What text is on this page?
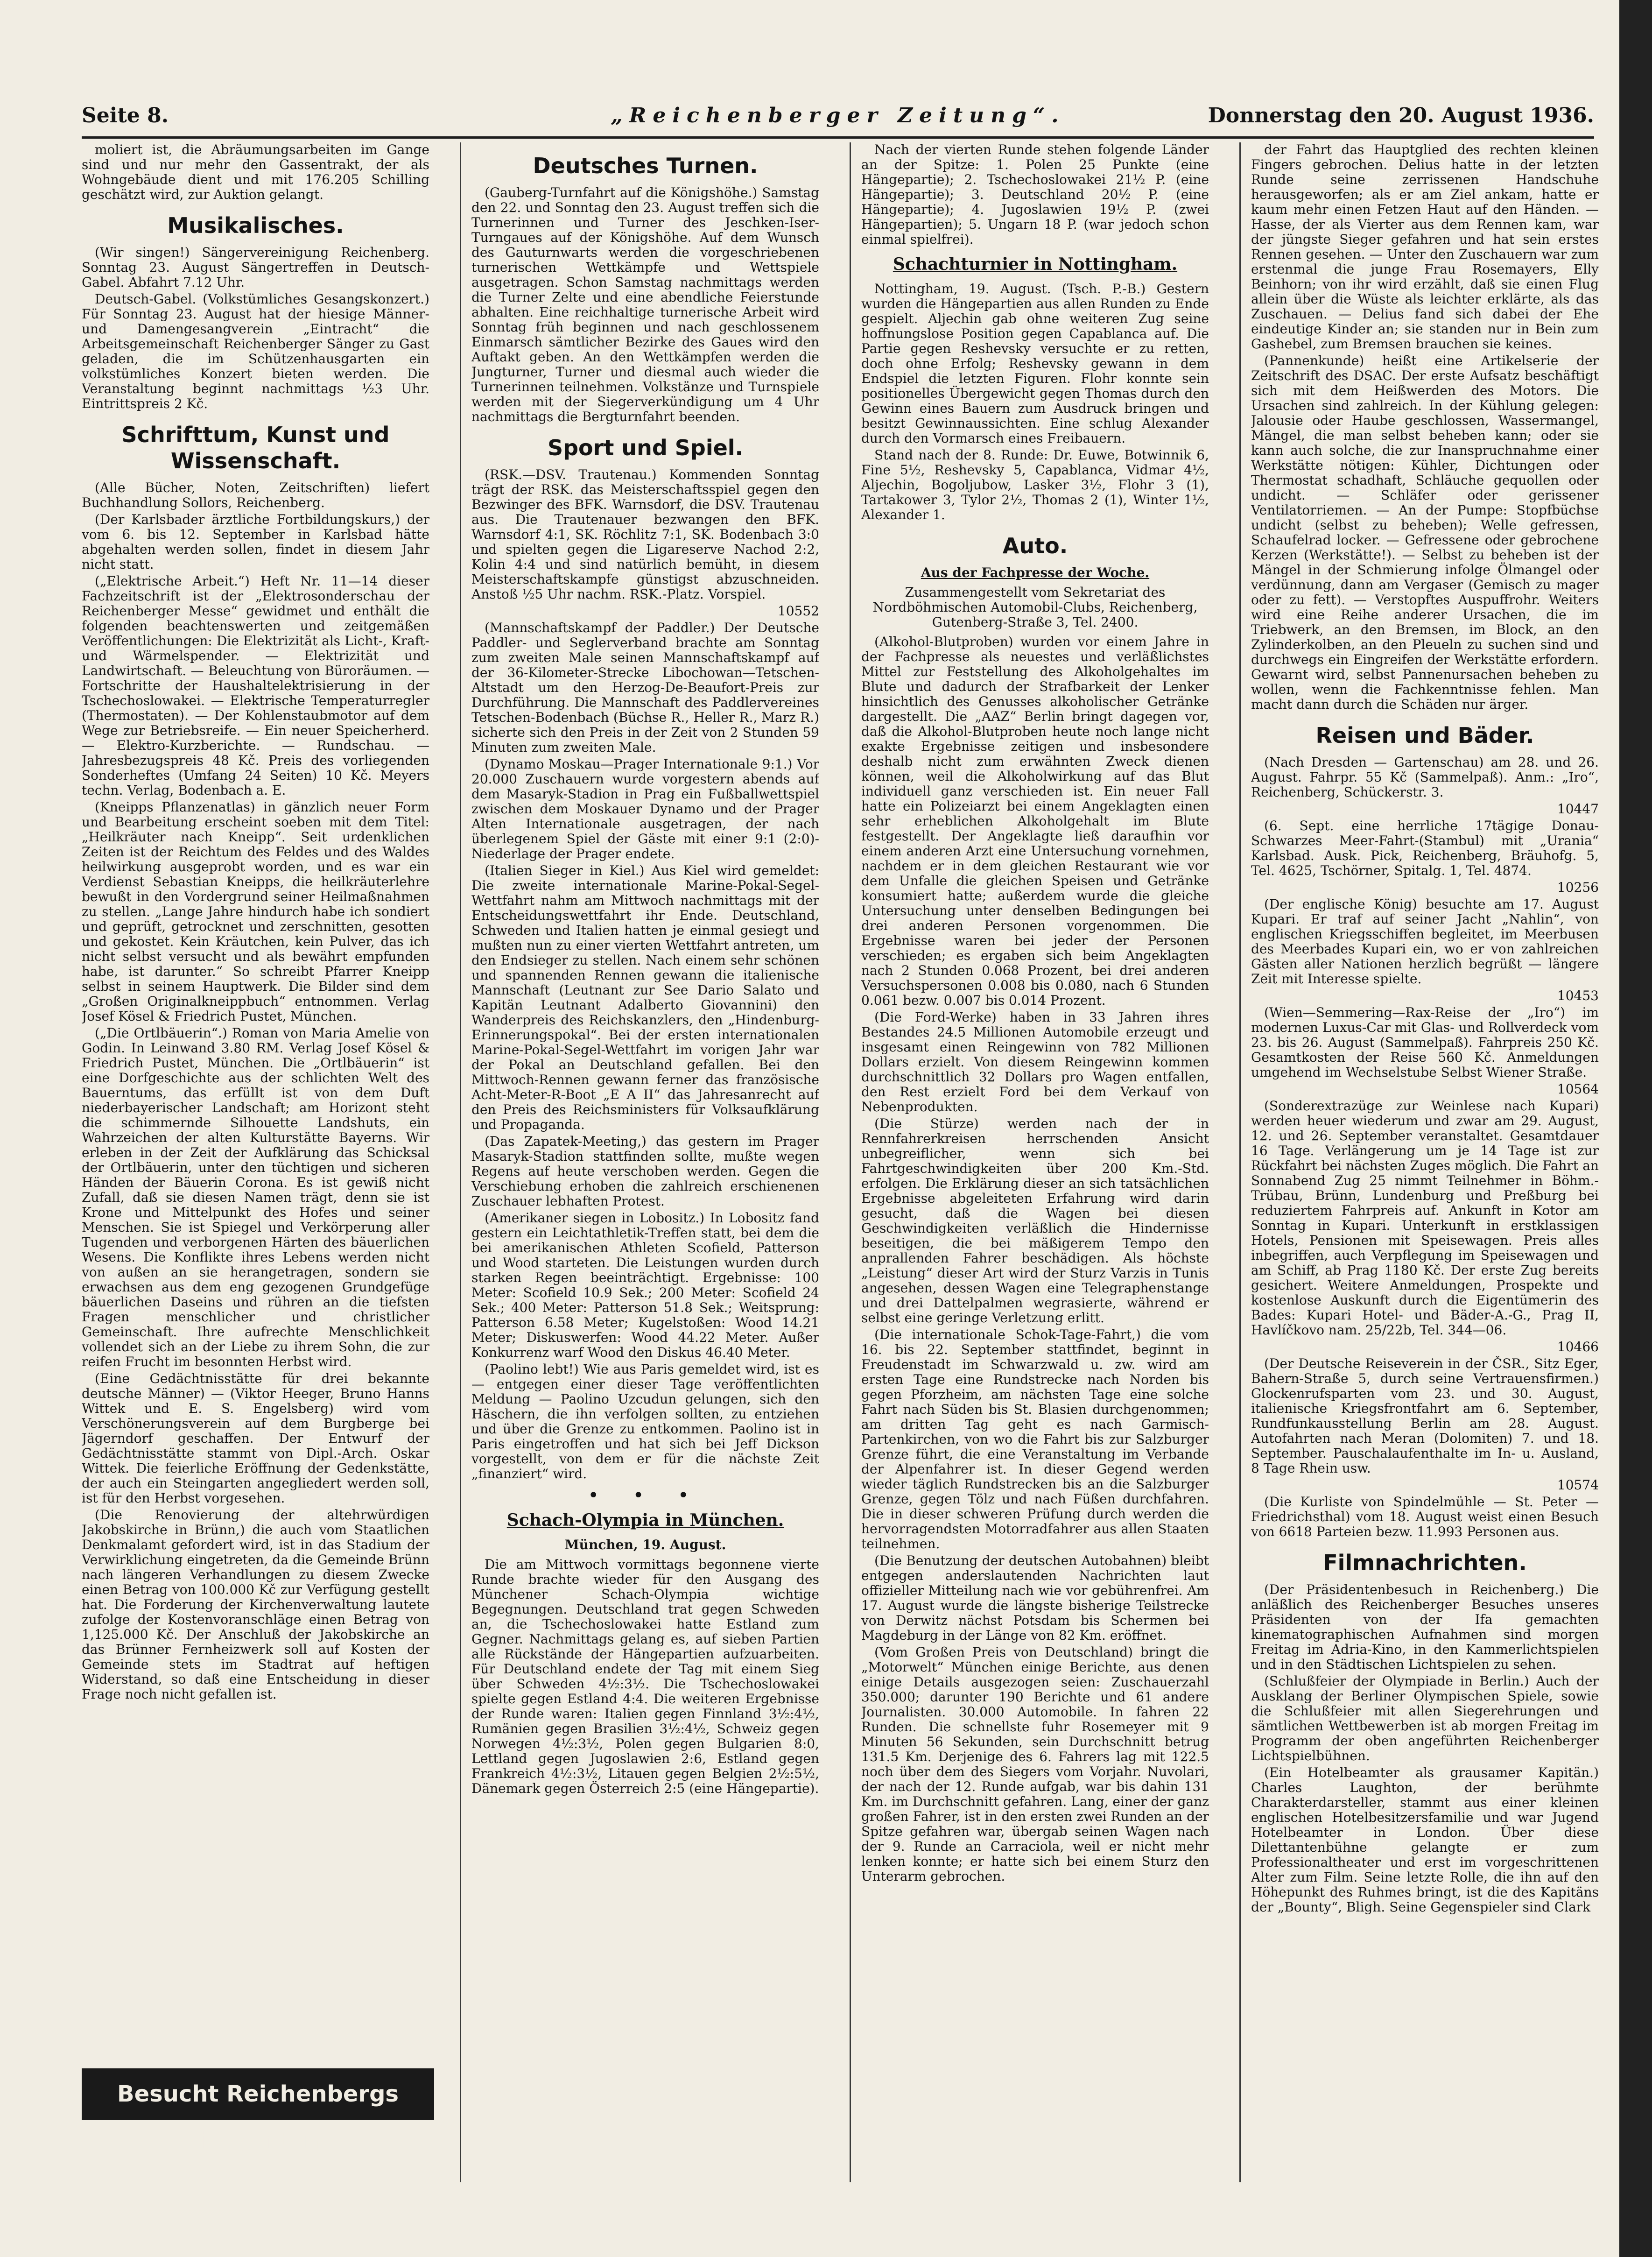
Seite 8.	„Reichenberger Zeitung“.	Donnerstag den 20. August 1936.

moliert ist, die Abräumungsarbeiten im Gange sind und nur mehr den Gassentrakt, der als Wohngebäude dient und mit 176.205 Schilling geschätzt wird, zur Auktion gelangt.

Musikalisches.

(Wir singen!) Sängervereinigung Reichenberg. Sonntag 23. August Sängertreffen in Deutsch-Gabel. Abfahrt 7.12 Uhr.

Deutsch-Gabel. (Volkstümliches Gesangskonzert.) Für Sonntag 23. August hat der hiesige Männer- und Damengesangverein „Eintracht“ die Arbeitsgemeinschaft Reichenberger Sänger zu Gast geladen, die im Schützenhausgarten ein volkstümliches Konzert bieten werden. Die Veranstaltung beginnt nachmittags ½3 Uhr. Eintrittspreis 2 Kč.

Schrifttum, Kunst und Wissenschaft.

(Alle Bücher, Noten, Zeitschriften) liefert Buchhandlung Sollors, Reichenberg.

(Der Karlsbader ärztliche Fortbildungskurs,) der vom 6. bis 12. September in Karlsbad hätte abgehalten werden sollen, findet in diesem Jahr nicht statt.

(„Elektrische Arbeit.“) Heft Nr. 11—14 dieser Fachzeitschrift ist der „Elektrosonderschau der Reichenberger Messe“ gewidmet und enthält die folgenden beachtenswerten und zeitgemäßen Veröffentlichungen: Die Elektrizität als Licht-, Kraft- und Wärmelspender. — Elektrizität und Landwirtschaft. — Beleuchtung von Büroräumen. — Fortschritte der Haushaltelektrisierung in der Tschechoslowakei. — Elektrische Temperaturregler (Thermostaten). — Der Kohlenstaubmotor auf dem Wege zur Betriebsreife. — Ein neuer Speicherherd. — Elektro-Kurzberichte. — Rundschau. — Jahresbezugspreis 48 Kč. Preis des vorliegenden Sonderheftes (Umfang 24 Seiten) 10 Kč. Meyers techn. Verlag, Bodenbach a. E.

(Kneipps Pflanzenatlas) in gänzlich neuer Form und Bearbeitung erscheint soeben mit dem Titel: „Heilkräuter nach Kneipp“. Seit urdenklichen Zeiten ist der Reichtum des Feldes und des Waldes heilwirkung ausgeprobt worden, und es war ein Verdienst Sebastian Kneipps, die heilkräuterlehre bewußt in den Vordergrund seiner Heilmaßnahmen zu stellen. „Lange Jahre hindurch habe ich sondiert und geprüft, getrocknet und zerschnitten, gesotten und gekostet. Kein Kräutchen, kein Pulver, das ich nicht selbst versucht und als bewährt empfunden habe, ist darunter.“ So schreibt Pfarrer Kneipp selbst in seinem Hauptwerk. Die Bilder sind dem „Großen Originalkneippbuch“ entnommen. Verlag Josef Kösel & Friedrich Pustet, München.

(„Die Ortlbäuerin“.) Roman von Maria Amelie von Godin. In Leinwand 3.80 RM. Verlag Josef Kösel & Friedrich Pustet, München. Die „Ortlbäuerin“ ist eine Dorfgeschichte aus der schlichten Welt des Bauerntums, das erfüllt ist von dem Duft niederbayerischer Landschaft; am Horizont steht die schimmernde Silhouette Landshuts, ein Wahrzeichen der alten Kulturstätte Bayerns. Wir erleben in der Zeit der Aufklärung das Schicksal der Ortlbäuerin, unter den tüchtigen und sicheren Händen der Bäuerin Corona. Es ist gewiß nicht Zufall, daß sie diesen Namen trägt, denn sie ist Krone und Mittelpunkt des Hofes und seiner Menschen. Sie ist Spiegel und Verkörperung aller Tugenden und verborgenen Härten des bäuerlichen Wesens. Die Konflikte ihres Lebens werden nicht von außen an sie herangetragen, sondern sie erwachsen aus dem eng gezogenen Grundgefüge bäuerlichen Daseins und rühren an die tiefsten Fragen menschlicher und christlicher Gemeinschaft. Ihre aufrechte Menschlichkeit vollendet sich an der Liebe zu ihrem Sohn, die zur reifen Frucht im besonnten Herbst wird.

(Eine Gedächtnisstätte für drei bekannte deutsche Männer) — (Viktor Heeger, Bruno Hanns Wittek und E. S. Engelsberg) wird vom Verschönerungsverein auf dem Burgberge bei Jägerndorf geschaffen. Der Entwurf der Gedächtnisstätte stammt von Dipl.-Arch. Oskar Wittek. Die feierliche Eröffnung der Gedenkstätte, der auch ein Steingarten angegliedert werden soll, ist für den Herbst vorgesehen.

(Die Renovierung der altehrwürdigen Jakobskirche in Brünn,) die auch vom Staatlichen Denkmalamt gefordert wird, ist in das Stadium der Verwirklichung eingetreten, da die Gemeinde Brünn nach längeren Verhandlungen zu diesem Zwecke einen Betrag von 100.000 Kč zur Verfügung gestellt hat. Die Forderung der Kirchenverwaltung lautete zufolge der Kostenvoranschläge einen Betrag von 1,125.000 Kč. Der Anschluß der Jakobskirche an das Brünner Fernheizwerk soll auf Kosten der Gemeinde stets im Stadtrat auf heftigen Widerstand, so daß eine Entscheidung in dieser Frage noch nicht gefallen ist.

Besucht Reichenbergs Tiergarten!
Deutsches Turnen.

(Gauberg-Turnfahrt auf die Königshöhe.) Samstag den 22. und Sonntag den 23. August treffen sich die Turnerinnen und Turner des Jeschken-Iser-Turngaues auf der Königshöhe. Auf dem Wunsch des Gauturnwarts werden die vorgeschriebenen turnerischen Wettkämpfe und Wettspiele ausgetragen. Schon Samstag nachmittags werden die Turner Zelte und eine abendliche Feierstunde abhalten. Eine reichhaltige turnerische Arbeit wird Sonntag früh beginnen und nach geschlossenem Einmarsch sämtlicher Bezirke des Gaues wird den Auftakt geben. An den Wettkämpfen werden die Jungturner, Turner und diesmal auch wieder die Turnerinnen teilnehmen. Volkstänze und Turnspiele werden mit der Siegerverkündigung um 4 Uhr nachmittags die Bergturnfahrt beenden.

Sport und Spiel.

(RSK.—DSV. Trautenau.) Kommenden Sonntag trägt der RSK. das Meisterschaftsspiel gegen den Bezwinger des BFK. Warnsdorf, die DSV. Trautenau aus. Die Trautenauer bezwangen den BFK. Warnsdorf 4:1, SK. Röchlitz 7:1, SK. Bodenbach 3:0 und spielten gegen die Ligareserve Nachod 2:2, Kolin 4:4 und sind natürlich bemüht, in diesem Meisterschaftskampfe günstigst abzuschneiden. Anstoß ½5 Uhr nachm. RSK.-Platz. Vorspiel.

10552

(Mannschaftskampf der Paddler.) Der Deutsche Paddler- und Seglerverband brachte am Sonntag zum zweiten Male seinen Mannschaftskampf auf der 36-Kilometer-Strecke Libochowan—Tetschen-Altstadt um den Herzog-De-Beaufort-Preis zur Durchführung. Die Mannschaft des Paddlervereines Tetschen-Bodenbach (Büchse R., Heller R., Marz R.) sicherte sich den Preis in der Zeit von 2 Stunden 59 Minuten zum zweiten Male.

(Dynamo Moskau—Prager Internationale 9:1.) Vor 20.000 Zuschauern wurde vorgestern abends auf dem Masaryk-Stadion in Prag ein Fußballwettspiel zwischen dem Moskauer Dynamo und der Prager Alten Internationale ausgetragen, der nach überlegenem Spiel der Gäste mit einer 9:1 (2:0)-Niederlage der Prager endete.

(Italien Sieger in Kiel.) Aus Kiel wird gemeldet: Die zweite internationale Marine-Pokal-Segel-Wettfahrt nahm am Mittwoch nachmittags mit der Entscheidungswettfahrt ihr Ende. Deutschland, Schweden und Italien hatten je einmal gesiegt und mußten nun zu einer vierten Wettfahrt antreten, um den Endsieger zu stellen. Nach einem sehr schönen und spannenden Rennen gewann die italienische Mannschaft (Leutnant zur See Dario Salato und Kapitän Leutnant Adalberto Giovannini) den Wanderpreis des Reichskanzlers, den „Hindenburg-Erinnerungspokal“. Bei der ersten internationalen Marine-Pokal-Segel-Wettfahrt im vorigen Jahr war der Pokal an Deutschland gefallen. Bei den Mittwoch-Rennen gewann ferner das französische Acht-Meter-R-Boot „E A II“ das Jahresanrecht auf den Preis des Reichsministers für Volksaufklärung und Propaganda.

(Das Zapatek-Meeting,) das gestern im Prager Masaryk-Stadion stattfinden sollte, mußte wegen Regens auf heute verschoben werden. Gegen die Verschiebung erhoben die zahlreich erschienenen Zuschauer lebhaften Protest.

(Amerikaner siegen in Lobositz.) In Lobositz fand gestern ein Leichtathletik-Treffen statt, bei dem die bei amerikanischen Athleten Scofield, Patterson und Wood starteten. Die Leistungen wurden durch starken Regen beeinträchtigt. Ergebnisse: 100 Meter: Scofield 10.9 Sek.; 200 Meter: Scofield 24 Sek.; 400 Meter: Patterson 51.8 Sek.; Weitsprung: Patterson 6.58 Meter; Kugelstoßen: Wood 14.21 Meter; Diskuswerfen: Wood 44.22 Meter. Außer Konkurrenz warf Wood den Diskus 46.40 Meter.

(Paolino lebt!) Wie aus Paris gemeldet wird, ist es — entgegen einer dieser Tage veröffentlichten Meldung — Paolino Uzcudun gelungen, sich den Häschern, die ihn verfolgen sollten, zu entziehen und über die Grenze zu entkommen. Paolino ist in Paris eingetroffen und hat sich bei Jeff Dickson vorgestellt, von dem er für die nächste Zeit „finanziert“ wird.

• • •
Schach-Olympia in München.
München, 19. August.

Die am Mittwoch vormittags begonnene vierte Runde brachte wieder für den Ausgang des Münchener Schach-Olympia wichtige Begegnungen. Deutschland trat gegen Schweden an, die Tschechoslowakei hatte Estland zum Gegner. Nachmittags gelang es, auf sieben Partien alle Rückstände der Hängepartien aufzuarbeiten. Für Deutschland endete der Tag mit einem Sieg über Schweden 4½:3½. Die Tschechoslowakei spielte gegen Estland 4:4. Die weiteren Ergebnisse der Runde waren: Italien gegen Finnland 3½:4½, Rumänien gegen Brasilien 3½:4½, Schweiz gegen Norwegen 4½:3½, Polen gegen Bulgarien 8:0, Lettland gegen Jugoslawien 2:6, Estland gegen Frankreich 4½:3½, Litauen gegen Belgien 2½:5½, Dänemark gegen Österreich 2:5 (eine Hängepartie).

Nach der vierten Runde stehen folgende Länder an der Spitze: 1. Polen 25 Punkte (eine Hängepartie); 2. Tschechoslowakei 21½ P. (eine Hängepartie); 3. Deutschland 20½ P. (eine Hängepartie); 4. Jugoslawien 19½ P. (zwei Hängepartien); 5. Ungarn 18 P. (war jedoch schon einmal spielfrei).

Schachturnier in Nottingham.

Nottingham, 19. August. (Tsch. P.-B.) Gestern wurden die Hängepartien aus allen Runden zu Ende gespielt. Aljechin gab ohne weiteren Zug seine hoffnungslose Position gegen Capablanca auf. Die Partie gegen Reshevsky versuchte er zu retten, doch ohne Erfolg; Reshevsky gewann in dem Endspiel die letzten Figuren. Flohr konnte sein positionelles Übergewicht gegen Thomas durch den Gewinn eines Bauern zum Ausdruck bringen und besitzt Gewinnaussichten. Eine schlug Alexander durch den Vormarsch eines Freibauern.

Stand nach der 8. Runde: Dr. Euwe, Botwinnik 6, Fine 5½, Reshevsky 5, Capablanca, Vidmar 4½, Aljechin, Bogoljubow, Lasker 3½, Flohr 3 (1), Tartakower 3, Tylor 2½, Thomas 2 (1), Winter 1½, Alexander 1.

Auto.
Aus der Fachpresse der Woche.
Zusammengestellt vom Sekretariat des Nordböhmischen Automobil-Clubs, Reichenberg, Gutenberg-Straße 3, Tel. 2400.

(Alkohol-Blutproben) wurden vor einem Jahre in der Fachpresse als neuestes und verläßlichstes Mittel zur Feststellung des Alkoholgehaltes im Blute und dadurch der Strafbarkeit der Lenker hinsichtlich des Genusses alkoholischer Getränke dargestellt. Die „AAZ“ Berlin bringt dagegen vor, daß die Alkohol-Blutproben heute noch lange nicht exakte Ergebnisse zeitigen und insbesondere deshalb nicht zum erwähnten Zweck dienen können, weil die Alkoholwirkung auf das Blut individuell ganz verschieden ist. Ein neuer Fall hatte ein Polizeiarzt bei einem Angeklagten einen sehr erheblichen Alkoholgehalt im Blute festgestellt. Der Angeklagte ließ daraufhin vor einem anderen Arzt eine Untersuchung vornehmen, nachdem er in dem gleichen Restaurant wie vor dem Unfalle die gleichen Speisen und Getränke konsumiert hatte; außerdem wurde die gleiche Untersuchung unter denselben Bedingungen bei drei anderen Personen vorgenommen. Die Ergebnisse waren bei jeder der Personen verschieden; es ergaben sich beim Angeklagten nach 2 Stunden 0.068 Prozent, bei drei anderen Versuchspersonen 0.008 bis 0.080, nach 6 Stunden 0.061 bezw. 0.007 bis 0.014 Prozent.

(Die Ford-Werke) haben in 33 Jahren ihres Bestandes 24.5 Millionen Automobile erzeugt und insgesamt einen Reingewinn von 782 Millionen Dollars erzielt. Von diesem Reingewinn kommen durchschnittlich 32 Dollars pro Wagen entfallen, den Rest erzielt Ford bei dem Verkauf von Nebenprodukten.

(Die Stürze) werden nach der in Rennfahrerkreisen herrschenden Ansicht unbegreiflicher, wenn sich bei Fahrtgeschwindigkeiten über 200 Km.-Std. erfolgen. Die Erklärung dieser an sich tatsächlichen Ergebnisse abgeleiteten Erfahrung wird darin gesucht, daß die Wagen bei diesen Geschwindigkeiten verläßlich die Hindernisse beseitigen, die bei mäßigerem Tempo den anprallenden Fahrer beschädigen. Als höchste „Leistung“ dieser Art wird der Sturz Varzis in Tunis angesehen, dessen Wagen eine Telegraphenstange und drei Dattelpalmen wegrasierte, während er selbst eine geringe Verletzung erlitt.

(Die internationale Schok-Tage-Fahrt,) die vom 16. bis 22. September stattfindet, beginnt in Freudenstadt im Schwarzwald u. zw. wird am ersten Tage eine Rundstrecke nach Norden bis gegen Pforzheim, am nächsten Tage eine solche Fahrt nach Süden bis St. Blasien durchgenommen; am dritten Tag geht es nach Garmisch-Partenkirchen, von wo die Fahrt bis zur Salzburger Grenze führt, die eine Veranstaltung im Verbande der Alpenfahrer ist. In dieser Gegend werden wieder täglich Rundstrecken bis an die Salzburger Grenze, gegen Tölz und nach Füßen durchfahren. Die in dieser schweren Prüfung durch werden die hervorragendsten Motorradfahrer aus allen Staaten teilnehmen.

(Die Benutzung der deutschen Autobahnen) bleibt entgegen anderslautenden Nachrichten laut offizieller Mitteilung nach wie vor gebührenfrei. Am 17. August wurde die längste bisherige Teilstrecke von Derwitz nächst Potsdam bis Schermen bei Magdeburg in der Länge von 82 Km. eröffnet.

(Vom Großen Preis von Deutschland) bringt die „Motorwelt“ München einige Berichte, aus denen einige Details ausgezogen seien: Zuschauerzahl 350.000; darunter 190 Berichte und 61 andere Journalisten. 30.000 Automobile. In fahren 22 Runden. Die schnellste fuhr Rosemeyer mit 9 Minuten 56 Sekunden, sein Durchschnitt betrug 131.5 Km. Derjenige des 6. Fahrers lag mit 122.5 noch über dem des Siegers vom Vorjahr. Nuvolari, der nach der 12. Runde aufgab, war bis dahin 131 Km. im Durchschnitt gefahren. Lang, einer der ganz großen Fahrer, ist in den ersten zwei Runden an der Spitze gefahren war, übergab seinen Wagen nach der 9. Runde an Carraciola, weil er nicht mehr lenken konnte; er hatte sich bei einem Sturz den Unterarm gebrochen.

der Fahrt das Hauptglied des rechten kleinen Fingers gebrochen. Delius hatte in der letzten Runde seine zerrissenen Handschuhe herausgeworfen; als er am Ziel ankam, hatte er kaum mehr einen Fetzen Haut auf den Händen. — Hasse, der als Vierter aus dem Rennen kam, war der jüngste Sieger gefahren und hat sein erstes Rennen gesehen. — Unter den Zuschauern war zum erstenmal die junge Frau Rosemayers, Elly Beinhorn; von ihr wird erzählt, daß sie einen Flug allein über die Wüste als leichter erklärte, als das Zuschauen. — Delius fand sich dabei der Ehe eindeutige Kinder an; sie standen nur in Bein zum Gashebel, zum Bremsen brauchen sie keines.

(Pannenkunde) heißt eine Artikelserie der Zeitschrift des DSAC. Der erste Aufsatz beschäftigt sich mit dem Heißwerden des Motors. Die Ursachen sind zahlreich. In der Kühlung gelegen: Jalousie oder Haube geschlossen, Wassermangel, Mängel, die man selbst beheben kann; oder sie kann auch solche, die zur Inanspruchnahme einer Werkstätte nötigen: Kühler, Dichtungen oder Thermostat schadhaft, Schläuche gequollen oder undicht. — Schläfer oder gerissener Ventilatorriemen. — An der Pumpe: Stopfbüchse undicht (selbst zu beheben); Welle gefressen, Schaufelrad locker. — Gefressene oder gebrochene Kerzen (Werkstätte!). — Selbst zu beheben ist der Mängel in der Schmierung infolge Ölmangel oder verdünnung, dann am Vergaser (Gemisch zu mager oder zu fett). — Verstopftes Auspuffrohr. Weiters wird eine Reihe anderer Ursachen, die im Triebwerk, an den Bremsen, im Block, an den Zylinderkolben, an den Pleueln zu suchen sind und durchwegs ein Eingreifen der Werkstätte erfordern. Gewarnt wird, selbst Pannenursachen beheben zu wollen, wenn die Fachkenntnisse fehlen. Man macht dann durch die Schäden nur ärger.

Reisen und Bäder.

(Nach Dresden — Gartenschau) am 28. und 26. August. Fahrpr. 55 Kč (Sammelpaß). Anm.: „Iro“, Reichenberg, Schückerstr. 3.

10447

(6. Sept. eine herrliche 17tägige Donau-Schwarzes Meer-Fahrt-(Stambul) mit „Urania“ Karlsbad. Ausk. Pick, Reichenberg, Bräuhofg. 5, Tel. 4625, Tschörner, Spitalg. 1, Tel. 4874.

10256

(Der englische König) besuchte am 17. August Kupari. Er traf auf seiner Jacht „Nahlin“, von englischen Kriegsschiffen begleitet, im Meerbusen des Meerbades Kupari ein, wo er von zahlreichen Gästen aller Nationen herzlich begrüßt — längere Zeit mit Interesse spielte.

10453

(Wien—Semmering—Rax-Reise der „Iro“) im modernen Luxus-Car mit Glas- und Rollverdeck vom 23. bis 26. August (Sammelpaß). Fahrpreis 250 Kč. Gesamtkosten der Reise 560 Kč. Anmeldungen umgehend im Wechselstube Selbst Wiener Straße.

10564

(Sonderextrazüge zur Weinlese nach Kupari) werden heuer wiederum und zwar am 29. August, 12. und 26. September veranstaltet. Gesamtdauer 16 Tage. Verlängerung um je 14 Tage ist zur Rückfahrt bei nächsten Zuges möglich. Die Fahrt an Sonnabend Zug 25 nimmt Teilnehmer in Böhm.-Trübau, Brünn, Lundenburg und Preßburg bei reduziertem Fahrpreis auf. Ankunft in Kotor am Sonntag in Kupari. Unterkunft in erstklassigen Hotels, Pensionen mit Speisewagen. Preis alles inbegriffen, auch Verpflegung im Speisewagen und am Schiff, ab Prag 1180 Kč. Der erste Zug bereits gesichert. Weitere Anmeldungen, Prospekte und kostenlose Auskunft durch die Eigentümerin des Bades: Kupari Hotel- und Bäder-A.-G., Prag II, Havlíčkovo nam. 25/22b, Tel. 344—06.

10466

(Der Deutsche Reiseverein in der ČSR., Sitz Eger, Bahern-Straße 5, durch seine Vertrauensfirmen.) Glockenrufsparten vom 23. und 30. August, italienische Kriegsfrontfahrt am 6. September, Rundfunkausstellung Berlin am 28. August. Autofahrten nach Meran (Dolomiten) 7. und 18. September. Pauschalaufenthalte im In- u. Ausland, 8 Tage Rhein usw.

10574

(Die Kurliste von Spindelmühle — St. Peter — Friedrichsthal) vom 18. August weist einen Besuch von 6618 Parteien bezw. 11.993 Personen aus.

Filmnachrichten.

(Der Präsidentenbesuch in Reichenberg.) Die anläßlich des Reichenberger Besuches unseres Präsidenten von der Ifa gemachten kinematographischen Aufnahmen sind morgen Freitag im Adria-Kino, in den Kammerlichtspielen und in den Städtischen Lichtspielen zu sehen.

(Schlußfeier der Olympiade in Berlin.) Auch der Ausklang der Berliner Olympischen Spiele, sowie die Schlußfeier mit allen Siegerehrungen und sämtlichen Wettbewerben ist ab morgen Freitag im Programm der oben angeführten Reichenberger Lichtspielbühnen.

(Ein Hotelbeamter als grausamer Kapitän.) Charles Laughton, der berühmte Charakterdarsteller, stammt aus einer kleinen englischen Hotelbesitzersfamilie und war Jugend Hotelbeamter in London. Über diese Dilettantenbühne gelangte er zum Professionaltheater und erst im vorgeschrittenen Alter zum Film. Seine letzte Rolle, die ihn auf den Höhepunkt des Ruhmes bringt, ist die des Kapitäns der „Bounty“, Bligh. Seine Gegenspieler sind Clark
